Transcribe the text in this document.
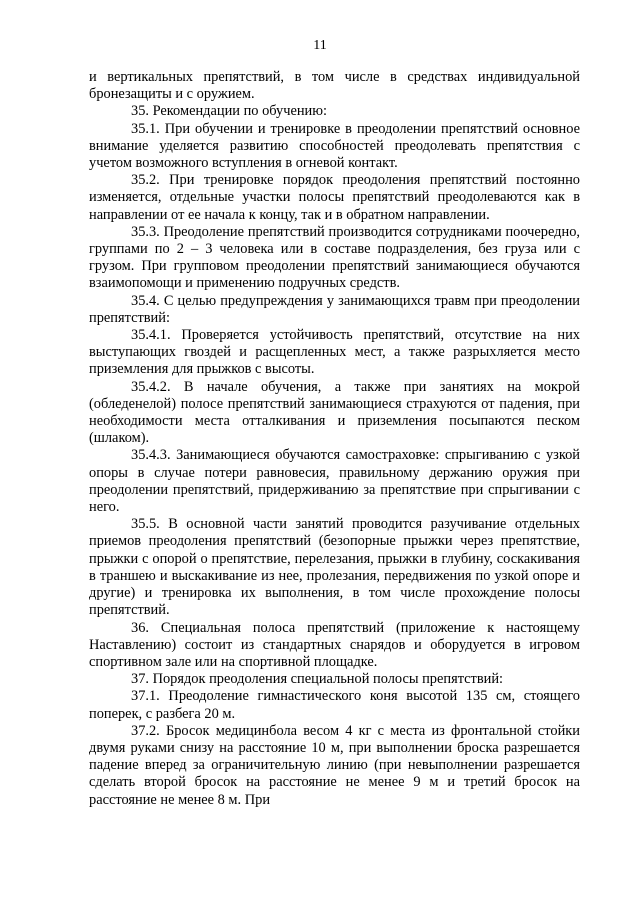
11

и вертикальных препятствий, в том числе в средствах индивидуальной бронезащиты и с оружием.

35. Рекомендации по обучению:

35.1. При обучении и тренировке в преодолении препятствий основное внимание уделяется развитию способностей преодолевать препятствия с учетом возможного вступления в огневой контакт.

35.2. При тренировке порядок преодоления препятствий постоянно изменяется, отдельные участки полосы препятствий преодолеваются как в направлении от ее начала к концу, так и в обратном направлении.

35.3. Преодоление препятствий производится сотрудниками поочередно, группами по 2 – 3 человека или в составе подразделения, без груза или с грузом. При групповом преодолении препятствий занимающиеся обучаются взаимопомощи и применению подручных средств.

35.4. С целью предупреждения у занимающихся травм при преодолении препятствий:

35.4.1. Проверяется устойчивость препятствий, отсутствие на них выступающих гвоздей и расщепленных мест, а также разрыхляется место приземления для прыжков с высоты.

35.4.2. В начале обучения, а также при занятиях на мокрой (обледенелой) полосе препятствий занимающиеся страхуются от падения, при необходимости места отталкивания и приземления посыпаются песком (шлаком).

35.4.3. Занимающиеся обучаются самостраховке: спрыгиванию с узкой опоры в случае потери равновесия, правильному держанию оружия при преодолении препятствий, придерживанию за препятствие при спрыгивании с него.

35.5. В основной части занятий проводится разучивание отдельных приемов преодоления препятствий (безопорные прыжки через препятствие, прыжки с опорой о препятствие, перелезания, прыжки в глубину, соскакивания в траншею и выскакивание из нее, пролезания, передвижения по узкой опоре и другие) и тренировка их выполнения, в том числе прохождение полосы препятствий.

36. Специальная полоса препятствий (приложение к настоящему Наставлению) состоит из стандартных снарядов и оборудуется в игровом спортивном зале или на спортивной площадке.

37. Порядок преодоления специальной полосы препятствий:

37.1. Преодоление гимнастического коня высотой 135 см, стоящего поперек, с разбега 20 м.

37.2. Бросок медицинбола весом 4 кг с места из фронтальной стойки двумя руками снизу на расстояние 10 м, при выполнении броска разрешается падение вперед за ограничительную линию (при невыполнении разрешается сделать второй бросок на расстояние не менее 9 м и третий бросок на расстояние не менее 8 м. При
